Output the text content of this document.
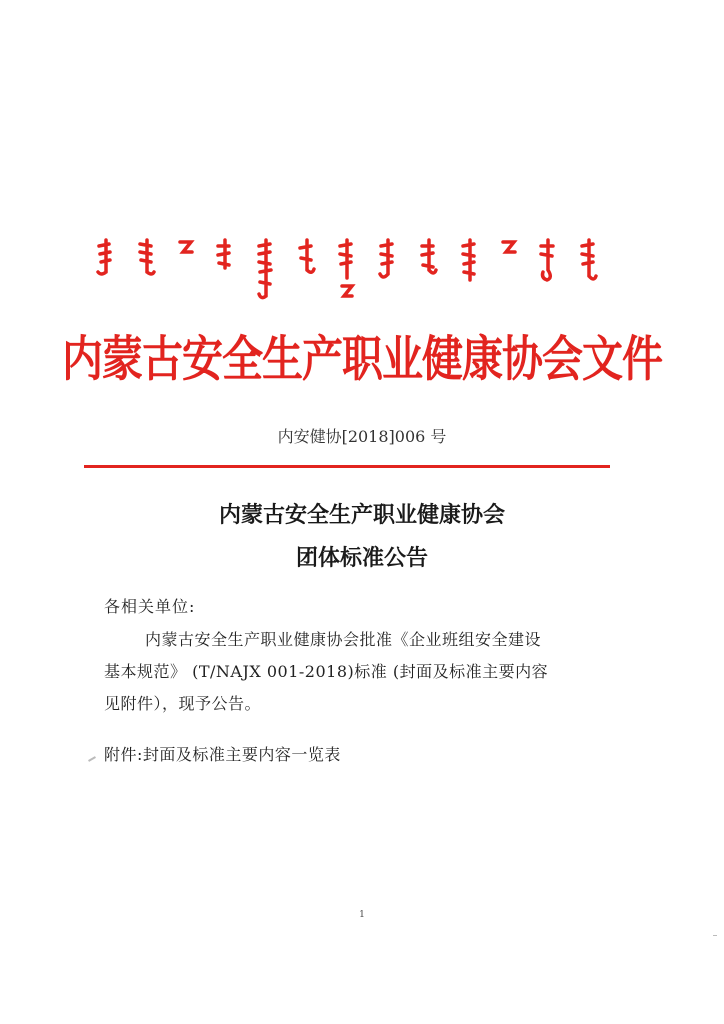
内蒙古安全生产职业健康协会文件
内安健协[2018]006 号
内蒙古安全生产职业健康协会
团体标准公告
各相关单位:
内蒙古安全生产职业健康协会批准《企业班组安全建设
基本规范》 (T/NAJX 001-2018)标准 (封面及标准主要内容
见附件），现予公告。
附件:封面及标准主要内容一览表
1
